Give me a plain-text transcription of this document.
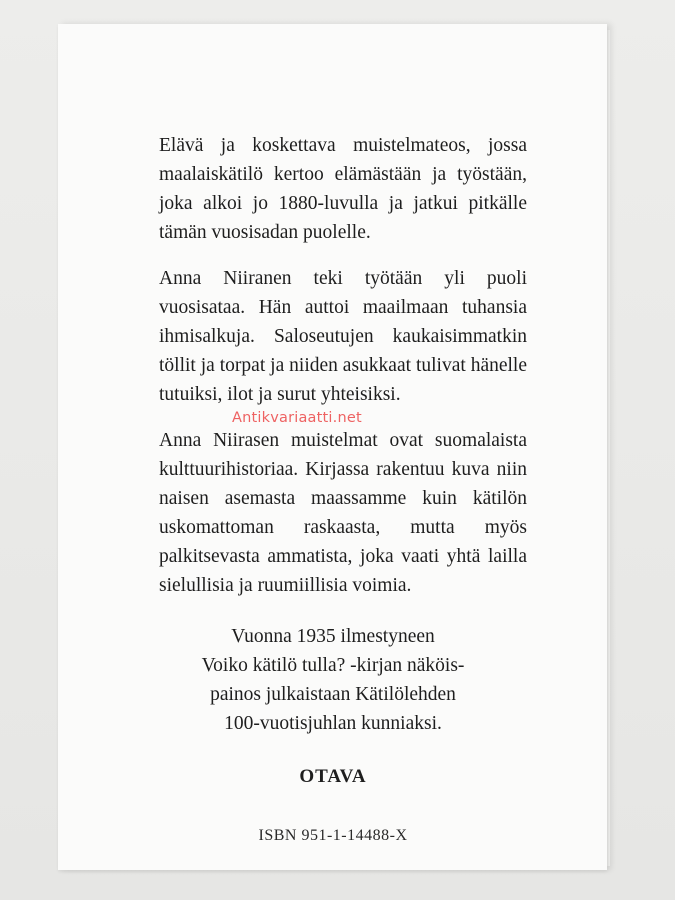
Elävä ja koskettava muistelmateos, jossa maalaiskätilö kertoo elämästään ja työstään, joka alkoi jo 1880-luvulla ja jatkui pitkälle tämän vuosisadan puolelle.

Anna Niiranen teki työtään yli puoli vuosisataa. Hän auttoi maailmaan tuhansia ihmisalkuja. Saloseutujen kaukaisimmatkin töllit ja torpat ja niiden asukkaat tulivat hänelle tutuiksi, ilot ja surut yhteisiksi.

Anna Niirasen muistelmat ovat suomalaista kulttuurihistoriaa. Kirjassa rakentuu kuva niin naisen asemasta maassamme kuin kätilön uskomattoman raskaasta, mutta myös palkitsevasta ammatista, joka vaati yhtä lailla sielullisia ja ruumiillisia voimia.

Vuonna 1935 ilmestyneen
Voiko kätilö tulla? -kirjan näköis-
painos julkaistaan Kätilölehden
100-vuotisjuhlan kunniaksi.
OTAVA
ISBN 951-1-14488-X
Antikvariaatti.net
